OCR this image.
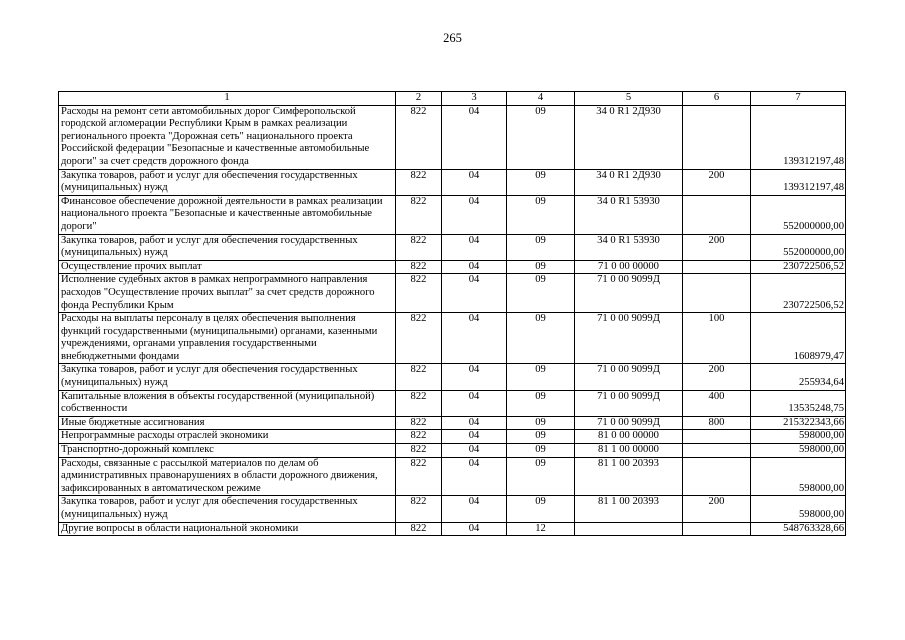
265
1	2	3	4	5	6	7
Расходы на ремонт сети автомобильных дорог Симферопольской городской агломерации Республики Крым в рамках реализации регионального проекта "Дорожная сеть" национального проекта Российской федерации "Безопасные и качественные автомобильные дороги" за счет средств дорожного фонда	822	04	09	34 0 R1 2Д930		139312197,48
Закупка товаров, работ и услуг для обеспечения государственных (муниципальных) нужд	822	04	09	34 0 R1 2Д930	200	139312197,48
Финансовое обеспечение дорожной деятельности в рамках реализации национального проекта "Безопасные и качественные автомобильные дороги"	822	04	09	34 0 R1 53930		552000000,00
Закупка товаров, работ и услуг для обеспечения государственных (муниципальных) нужд	822	04	09	34 0 R1 53930	200	552000000,00
Осуществление прочих выплат	822	04	09	71 0 00 00000		230722506,52
Исполнение судебных актов в рамках непрограммного направления расходов "Осуществление прочих выплат" за счет средств дорожного фонда Республики Крым	822	04	09	71 0 00 9099Д		230722506,52
Расходы на выплаты персоналу в целях обеспечения выполнения функций государственными (муниципальными) органами, казенными учреждениями, органами управления государственными внебюджетными фондами	822	04	09	71 0 00 9099Д	100	1608979,47
Закупка товаров, работ и услуг для обеспечения государственных (муниципальных) нужд	822	04	09	71 0 00 9099Д	200	255934,64
Капитальные вложения в объекты государственной (муниципальной) собственности	822	04	09	71 0 00 9099Д	400	13535248,75
Иные бюджетные ассигнования	822	04	09	71 0 00 9099Д	800	215322343,66
Непрограммные расходы отраслей экономики	822	04	09	81 0 00 00000		598000,00
Транспортно-дорожный комплекс	822	04	09	81 1 00 00000		598000,00
Расходы, связанные с рассылкой материалов по делам об административных правонарушениях в области дорожного движения, зафиксированных в автоматическом режиме	822	04	09	81 1 00 20393		598000,00
Закупка товаров, работ и услуг для обеспечения государственных (муниципальных) нужд	822	04	09	81 1 00 20393	200	598000,00
Другие вопросы в области национальной экономики	822	04	12			548763328,66
